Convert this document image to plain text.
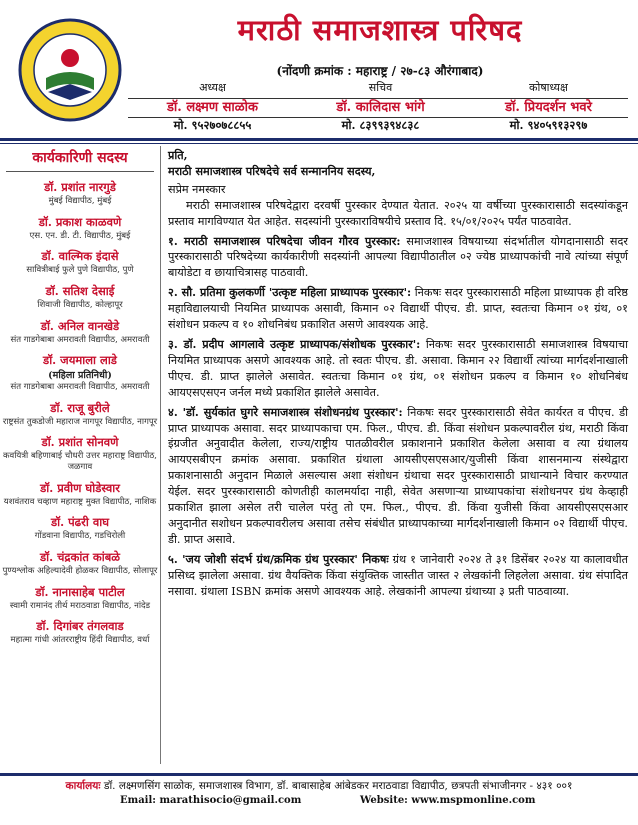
मराठी समाजशास्त्र परिषद
(नोंदणी क्रमांक : महाराष्ट्र / २७-८३ औरंगाबाद)
अध्यक्ष
डॉ. लक्ष्मण साळोक
मो. ९५२७०७८८५५
सचिव
डॉ. कालिदास भांगे
मो. ८३९९३९४८३८
कोषाध्यक्ष
डॉ. प्रियदर्शन भवरे
मो. ९४०५९१३२९७
कार्यकारिणी सदस्य
डॉ. प्रशांत नारगुडे
मुंबई विद्यापीठ, मुंबई
डॉ. प्रकाश काळवणे
एस. एन. डी. टी. विद्यापीठ, मुंबई
डॉ. वाल्मिक इंदासे
सावित्रीबाई फुले पुणे विद्यापीठ, पुणे
डॉ. सतिश देसाई
शिवाजी विद्यापीठ, कोल्हापूर
डॉ. अनिल वानखेडे
संत गाडगेबाबा अमरावती विद्यापीठ, अमरावती
डॉ. जयमाला लाडे
(महिला प्रतिनिधी)
संत गाडगेबाबा अमरावती विद्यापीठ, अमरावती
डॉ. राजू बुरीले
राष्ट्रसंत तुकडोजी महाराज नागपूर विद्यापीठ, नागपूर
डॉ. प्रशांत सोनवणे
कवयित्री बहिणाबाई चौधरी उत्तर महाराष्ट्र विद्यापीठ, जळगाव
डॉ. प्रवीण घोडेस्वार
यशवंतराव चव्हाण महाराष्ट्र मुक्त विद्यापीठ, नाशिक
डॉ. पंढरी वाघ
गोंडवाना विद्यापीठ, गडचिरोली
डॉ. चंद्रकांत कांबळे
पुण्यश्लोक अहिल्यादेवी होळकर विद्यापीठ, सोलापूर
डॉ. नानासाहेब पाटील
स्वामी रामानंद तीर्थ मराठवाडा विद्यापीठ, नांदेड
डॉ. दिगांबर तंगलवाड
महात्मा गांधी आंतरराष्ट्रीय हिंदी विद्यापीठ, वर्धा

प्रति,

मराठी समाजशास्त्र परिषदेचे सर्व सन्माननिय सदस्य,

सप्रेम नमस्कार

मराठी समाजशास्त्र परिषदेद्वारा दरवर्षी पुरस्कार देण्यात येतात. २०२५ या वर्षीच्या पुरस्कारासाठी सदस्यांकडून प्रस्ताव मागविण्यात येत आहेत. सदस्यांनी पुरस्काराविषयीचे प्रस्ताव दि. १५/०१/२०२५ पर्यंत पाठवावेत.

१. मराठी समाजशास्त्र परिषदेचा जीवन गौरव पुरस्कार: समाजशास्त्र विषयाच्या संदर्भातील योगदानासाठी सदर पुरस्कारासाठी परिषदेच्या कार्यकारीणी सदस्यांनी आपल्या विद्यापीठातील ०२ ज्येष्ठ प्राध्यापकांची नावे त्यांच्या संपूर्ण बायोडेटा व छायाचित्रासह पाठवावी.

२. सौ. प्रतिमा कुलकर्णी 'उत्कृष्ट महिला प्राध्यापक पुरस्कार': निकषः सदर पुरस्कारासाठी महिला प्राध्यापक ही वरिष्ठ महाविद्यालयाची नियमित प्राध्यापक असावी, किमान ०२ विद्यार्थी पीएच. डी. प्राप्त, स्वतःचा किमान ०१ ग्रंथ, ०१ संशोधन प्रकल्प व १० शोधनिबंध प्रकाशित असणे आवश्यक आहे.

३. डॉ. प्रदीप आगलावे उत्कृष्ट प्राध्यापक/संशोधक पुरस्कार': निकषः सदर पुरस्कारासाठी समाजशास्त्र विषयाचा नियमित प्राध्यापक असणे आवश्यक आहे. तो स्वतः पीएच. डी. असावा. किमान २२ विद्यार्थी त्यांच्या मार्गदर्शनाखाली पीएच. डी. प्राप्त झालेले असावेत. स्वतःचा किमान ०१ ग्रंथ, ०१ संशोधन प्रकल्प व किमान १० शोधनिबंध आयएसएसएन जर्नल मध्ये प्रकाशित झालेले असावेत.

४. 'डॉ. सुर्यकांत घुगरे समाजशास्त्र संशोधनग्रंथ पुरस्कार': निकषः सदर पुरस्कारासाठी सेवेत कार्यरत व पीएच. डी प्राप्त प्राध्यापक असावा. सदर प्राध्यापकाचा एम. फिल., पीएच. डी. किंवा संशोधन प्रकल्पावरील ग्रंथ, मराठी किंवा इंग्रजीत अनुवादीत केलेला, राज्य/राष्ट्रीय पातळीवरील प्रकाशनाने प्रकाशित केलेला असावा व त्या ग्रंथालय आयएसबीएन क्रमांक असावा. प्रकाशित ग्रंथाला आयसीएसएसआर/युजीसी किंवा शासनमान्य संस्थेद्वारा प्रकाशनासाठी अनुदान मिळाले असल्यास अशा संशोधन ग्रंथाचा सदर पुरस्कारासाठी प्राधान्याने विचार करण्यात येईल. सदर पुरस्कारासाठी कोणतीही कालमर्यादा नाही, सेवेत असणाऱ्या प्राध्यापकांचा संशोधनपर ग्रंथ केव्हाही प्रकाशित झाला असेल तरी चालेल परंतु तो एम. फिल., पीएच. डी. किंवा युजीसी किंवा आयसीएसएसआर अनुदानीत सशोधन प्रकल्पावरीलच असावा तसेच संबंधीत प्राध्यापकाच्या मार्गदर्शनाखाली किमान ०२ विद्यार्थी पीएच. डी. प्राप्त असावे.

५. 'जय जोशी संदर्भ ग्रंथ/क्रमिक ग्रंथ पुरस्कार' निकषः ग्रंथ १ जानेवारी २०२४ ते ३१ डिसेंबर २०२४ या कालावधीत प्रसिध्द झालेला असावा. ग्रंथ वैयक्तिक किंवा संयुक्तिक जास्तीत जास्त २ लेखकांनी लिहलेला असावा. ग्रंथ संपादित नसावा. ग्रंथाला ISBN क्रमांक असणे आवश्यक आहे. लेखकांनी आपल्या ग्रंथाच्या ३ प्रती पाठवाव्या.

कार्यालयः डॉ. लक्ष्मणसिंग साळोक, समाजशास्त्र विभाग, डॉ. बाबासाहेब आंबेडकर मराठवाडा विद्यापीठ, छत्रपती संभाजीनगर - ४३१ ००१
Email: marathisocio@gmail.com	Website: www.mspmonline.com
